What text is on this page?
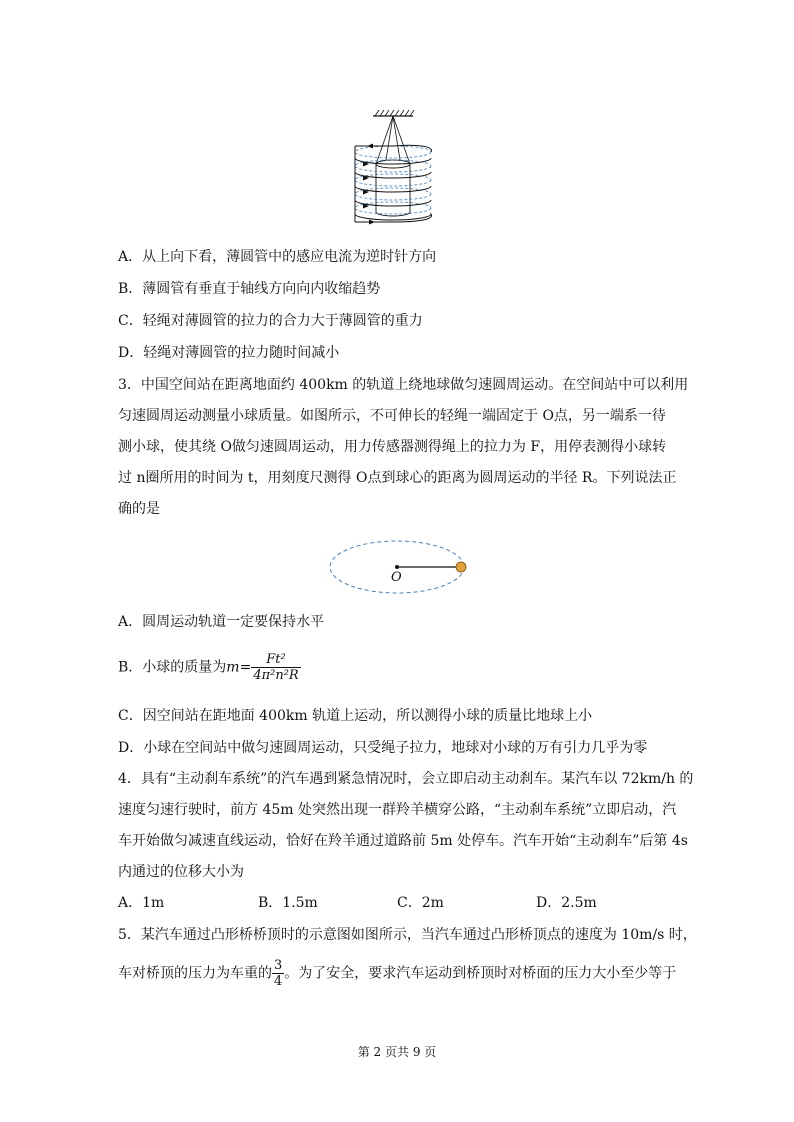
A．从上向下看，薄圆管中的感应电流为逆时针方向
B．薄圆管有垂直于轴线方向向内收缩趋势
C．轻绳对薄圆管的拉力的合力大于薄圆管的重力
D．轻绳对薄圆管的拉力随时间减小
3．中国空间站在距离地面约 400km 的轨道上绕地球做匀速圆周运动。在空间站中可以利用
匀速圆周运动测量小球质量。如图所示，不可伸长的轻绳一端固定于 O点，另一端系一待
测小球，使其绕 O做匀速圆周运动，用力传感器测得绳上的拉力为 F，用停表测得小球转
过 n圈所用的时间为 t，用刻度尺测得 O点到球心的距离为圆周运动的半径 R。下列说法正
确的是
O
A．圆周运动轨道一定要保持水平
B．小球的质量为$m= \frac{\text{Ft²}}{\text{4π²n²R}}$
C．因空间站在距地面 400km 轨道上运动，所以测得小球的质量比地球上小
D．小球在空间站中做匀速圆周运动，只受绳子拉力，地球对小球的万有引力几乎为零
4．具有“主动刹车系统”的汽车遇到紧急情况时，会立即启动主动刹车。某汽车以 72km/h 的
速度匀速行驶时，前方 45m 处突然出现一群羚羊横穿公路，“主动刹车系统”立即启动，汽
车开始做匀减速直线运动，恰好在羚羊通过道路前 5m 处停车。汽车开始“主动刹车”后第 4s
内通过的位移大小为
A．1m	B．1.5m	C．2m	D．2.5m
5．某汽车通过凸形桥桥顶时的示意图如图所示，当汽车通过凸形桥顶点的速度为 10m/s 时，
车对桥顶的压力为车重的 $\frac{3}{4}$ 。为了安全，要求汽车运动到桥顶时对桥面的压力大小至少等于
第 2 页共 9 页
